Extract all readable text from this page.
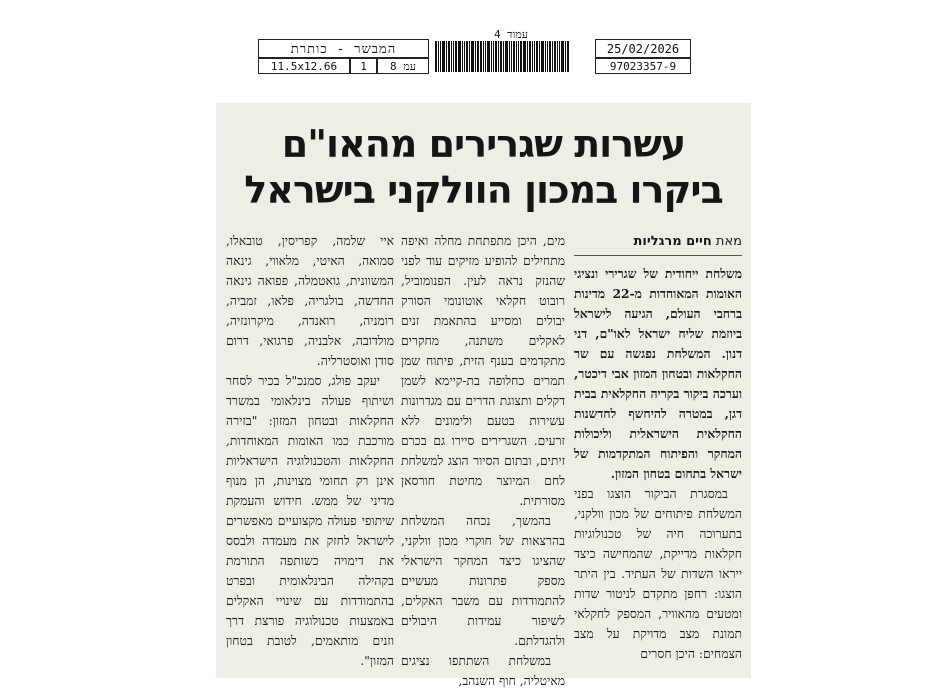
המבשר - כותרת
11.5x12.66	1	עמ 8
עמוד 4
25/02/2026
97023357-9
עשרות שגרירים מהאו"ם
ביקרו במכון הוולקני בישראל
מאת חיים מרגליות

משלחת ייחודית של שגרירי ונציגי האומות המאוחדות מ-22 מדינות ברחבי העולם, הגיעה לישראל ביוזמת שליח ישראל לאו"ם, דני דנון. המשלחת נפגשה עם שר החקלאות ובטחון המזון אבי דיכטר, וערכה ביקור בקריה החקלאית בבית דגן, במטרה להיחשף לחדשנות החקלאית הישראלית וליכולות המחקר והפיתוח המתקדמות של ישראל בתחום בטחון המזון.

במסגרת הביקור הוצגו בפני המשלחת פיתוחים של מכון וולקני, בתערוכה חיה של טכנולוגיות חקלאות מדייקת, שהמחישה כיצד ייראו השדות של העתיד. בין היתר הוצגו: רחפן מתקדם לניטור שדות ומטעים מהאוויר, המספק לחקלאי תמונת מצב מדויקת על מצב הצמחים: היכן חסרים

מים, היכן מתפתחת מחלה ואיפה מתחילים להופיע מזיקים עוד לפני שהנזק נראה לעין. הפנומוביל, רובוט חקלאי אוטונומי הסורק יבולים ומסייע בהתאמת זנים לאקלים משתנה, מחקרים מתקדמים בענף הזית, פיתוח שמן תמרים כחלופה בת-קיימא לשמן דקלים ותצוגת הדרים עם מגדרונות עשירות בטעם ולימונים ללא זרעים. השגרירים סיירו גם בכרם זיתים, ובתום הסיור הוצג למשלחת לחם המיוצר מחיטת חורסאן מסורתית.

בהמשך, נכחה המשלחת בהרצאות של חוקרי מכון וולקני, שהציגו כיצד המחקר הישראלי מספק פתרונות מעשיים להתמודדות עם משבר האקלים, לשיפור עמידות היבולים ולהגדלתם.

במשלחת השתתפו נציגים מאיטליה, חוף השנהב,

איי שלמה, קפריסין, טובאלו, סמואה, האיטי, מלאווי, גינאה המשוונית, גואטמלה, פפואה גינאה החדשה, בולגריה, פלאו, זמביה, רומניה, רואנדה, מיקרונזיה, מולדובה, אלבניה, פרגואי, דרום סודן ואוסטרליה.

יעקב פולג, סמנכ"ל בכיר לסחר ושיתוף פעולה בינלאומי במשרד החקלאות ובטחון המזון: "בזירה מורכבת כמו האומות המאוחדות, החקלאות והטכנולוגיה הישראליות אינן רק תחומי מצוינות, הן מנוף מדיני של ממש. חידוש והעמקת שיתופי פעולה מקצועיים מאפשרים לישראל לחזק את מעמדה ולבסס את דימויה כשותפה התורמת בקהילה הבינלאומית ובפרט בהתמודדות עם שינויי האקלים באמצעות טכנולוגיה פורצת דרך וזנים מותאמים, לטובת בטחון המזון".
